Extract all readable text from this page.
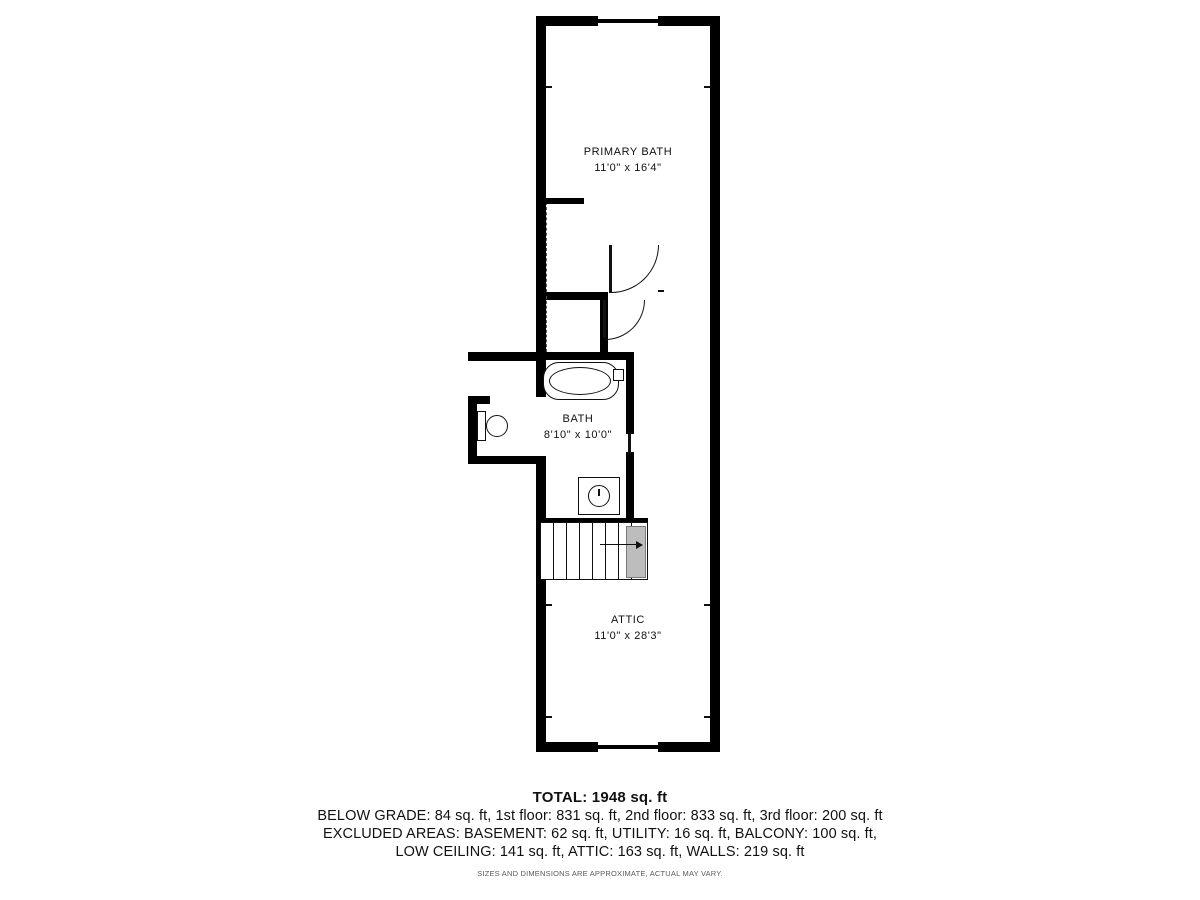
PRIMARY BATH
11'0" x 16'4"
BATH
8'10" x 10'0"
ATTIC
11'0" x 28'3"
TOTAL: 1948 sq. ft
BELOW GRADE: 84 sq. ft, 1st floor: 831 sq. ft, 2nd floor: 833 sq. ft, 3rd floor: 200 sq. ft
EXCLUDED AREAS: BASEMENT: 62 sq. ft, UTILITY: 16 sq. ft, BALCONY: 100 sq. ft,
LOW CEILING: 141 sq. ft, ATTIC: 163 sq. ft, WALLS: 219 sq. ft
SIZES AND DIMENSIONS ARE APPROXIMATE, ACTUAL MAY VARY.
